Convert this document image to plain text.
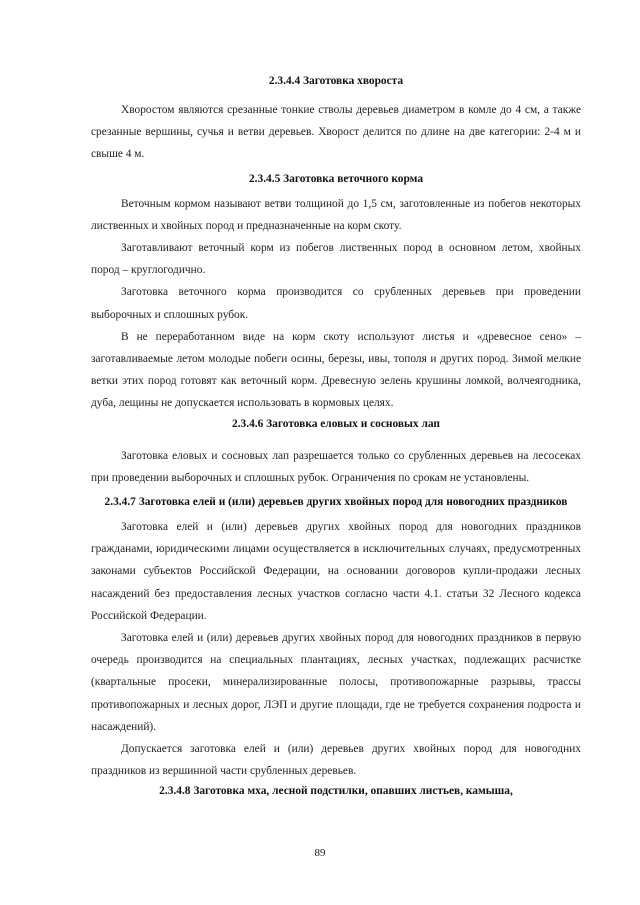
2.3.4.4 Заготовка хвороста

Хворостом являются срезанные тонкие стволы деревьев диаметром в комле до 4 см, а также срезанные вершины, сучья и ветви деревьев. Хворост делится по длине на две категории: 2-4 м и свыше 4 м.

2.3.4.5 Заготовка веточного корма

Веточным кормом называют ветви толщиной до 1,5 см, заготовленные из побегов некоторых лиственных и хвойных пород и предназначенные на корм скоту.

Заготавливают веточный корм из побегов лиственных пород в основном летом, хвойных пород – круглогодично.

Заготовка веточного корма производится со срубленных деревьев при проведении выборочных и сплошных рубок.

В не переработанном виде на корм скоту используют листья и «древесное сено» – заготавливаемые летом молодые побеги осины, березы, ивы, тополя и других пород. Зимой мелкие ветки этих пород готовят как веточный корм. Древесную зелень крушины ломкой, волчеягодника, дуба, лещины не допускается использовать в кормовых целях.

2.3.4.6 Заготовка еловых и сосновых лап

Заготовка еловых и сосновых лап разрешается только со срубленных деревьев на лесосеках при проведении выборочных и сплошных рубок. Ограничения по срокам не установлены.

2.3.4.7 Заготовка елей и (или) деревьев других хвойных пород для новогодних праздников

Заготовка елей и (или) деревьев других хвойных пород для новогодних праздников гражданами, юридическими лицами осуществляется в исключительных случаях, предусмотренных законами субъектов Российской Федерации, на основании договоров купли-продажи лесных насаждений без предоставления лесных участков согласно части 4.1. статьи 32 Лесного кодекса Российской Федерации.

Заготовка елей и (или) деревьев других хвойных пород для новогодних праздников в первую очередь производится на специальных плантациях, лесных участках, подлежащих расчистке (квартальные просеки, минерализированные полосы, противопожарные разрывы, трассы противопожарных и лесных дорог, ЛЭП и другие площади, где не требуется сохранения подроста и насаждений).

Допускается заготовка елей и (или) деревьев других хвойных пород для новогодних праздников из вершинной части срубленных деревьев.

2.3.4.8 Заготовка мха, лесной подстилки, опавших листьев, камыша,
89
